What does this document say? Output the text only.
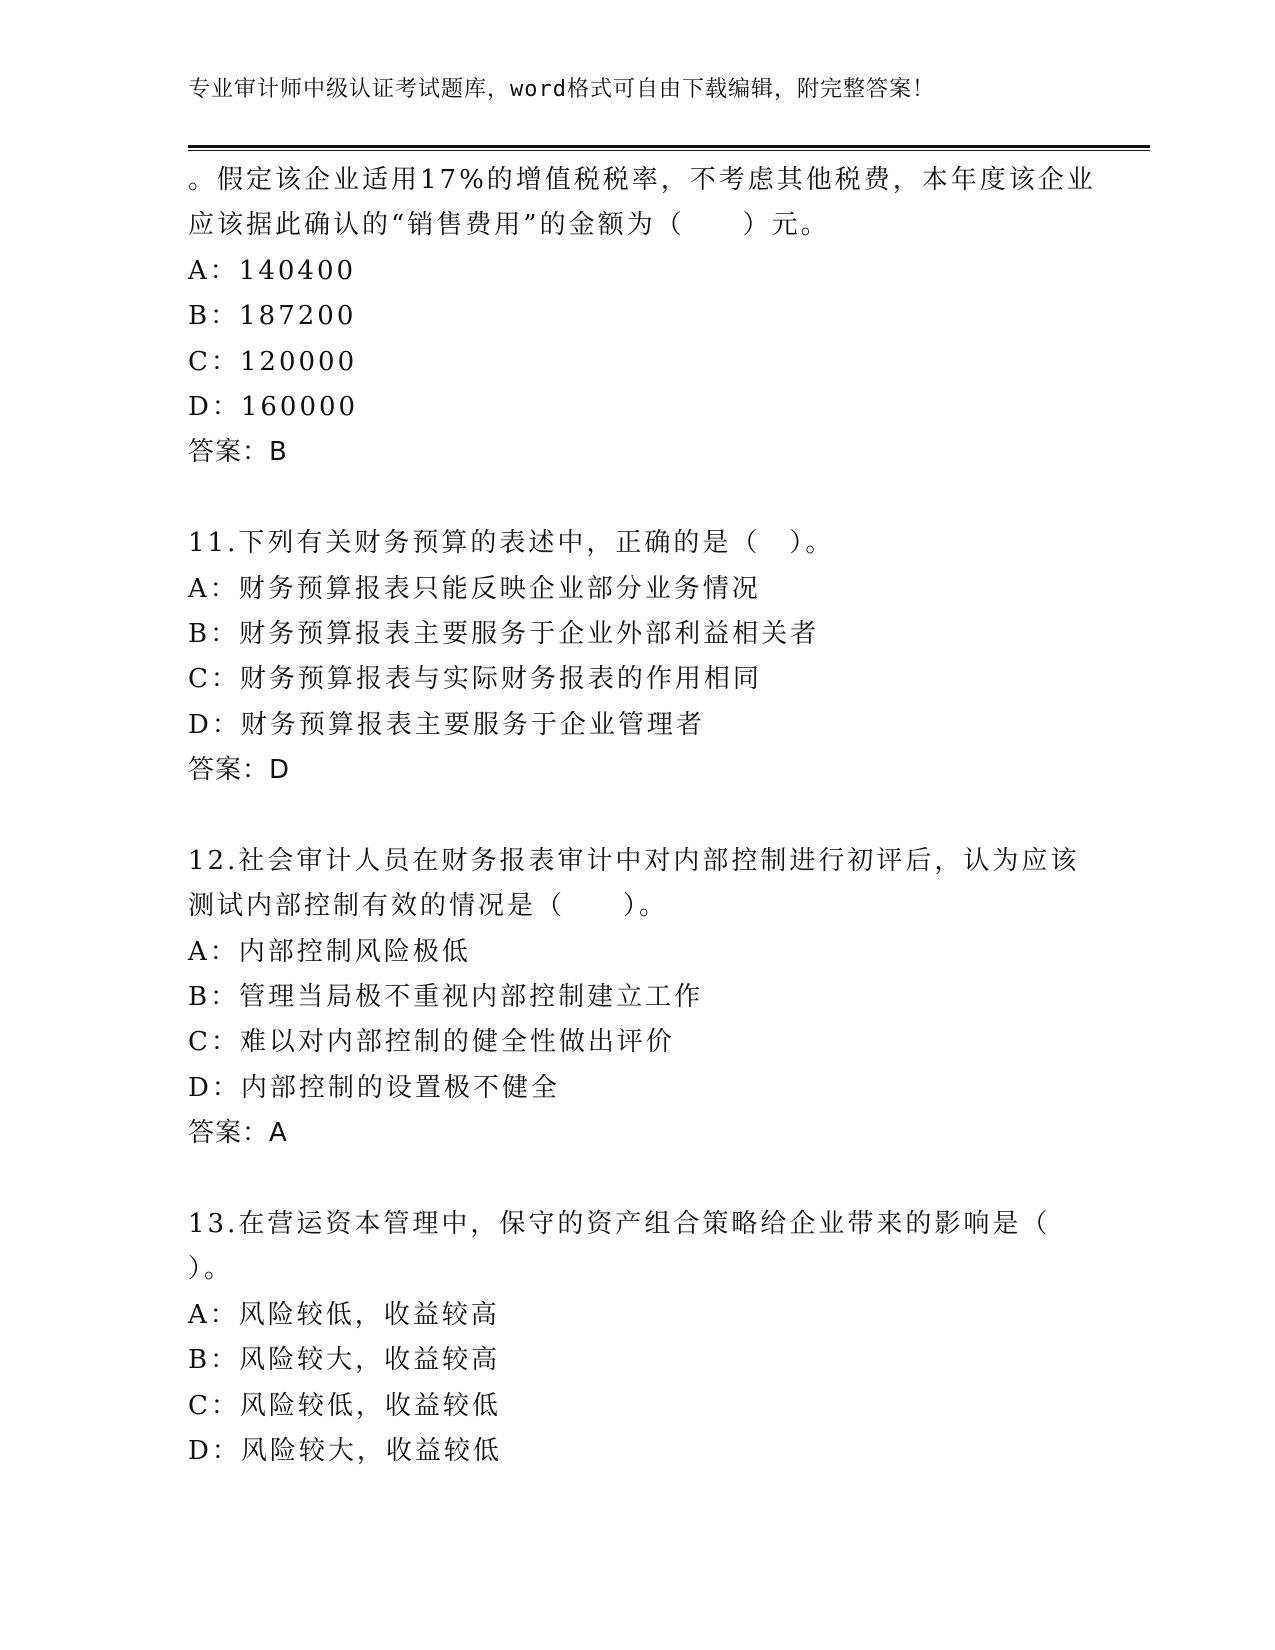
专业审计师中级认证考试题库，word格式可自由下载编辑，附完整答案！
。假定该企业适用17%的增值税税率，不考虑其他税费，本年度该企业
应该据此确认的“销售费用”的金额为（　　）元。
A：140400
B：187200
C：120000
D：160000
答案：B
11.下列有关财务预算的表述中，正确的是（　）。
A：财务预算报表只能反映企业部分业务情况
B：财务预算报表主要服务于企业外部利益相关者
C：财务预算报表与实际财务报表的作用相同
D：财务预算报表主要服务于企业管理者
答案：D
12.社会审计人员在财务报表审计中对内部控制进行初评后，认为应该
测试内部控制有效的情况是（　　）。
A：内部控制风险极低
B：管理当局极不重视内部控制建立工作
C：难以对内部控制的健全性做出评价
D：内部控制的设置极不健全
答案：A
13.在营运资本管理中，保守的资产组合策略给企业带来的影响是（
）。
A：风险较低，收益较高
B：风险较大，收益较高
C：风险较低，收益较低
D：风险较大，收益较低
